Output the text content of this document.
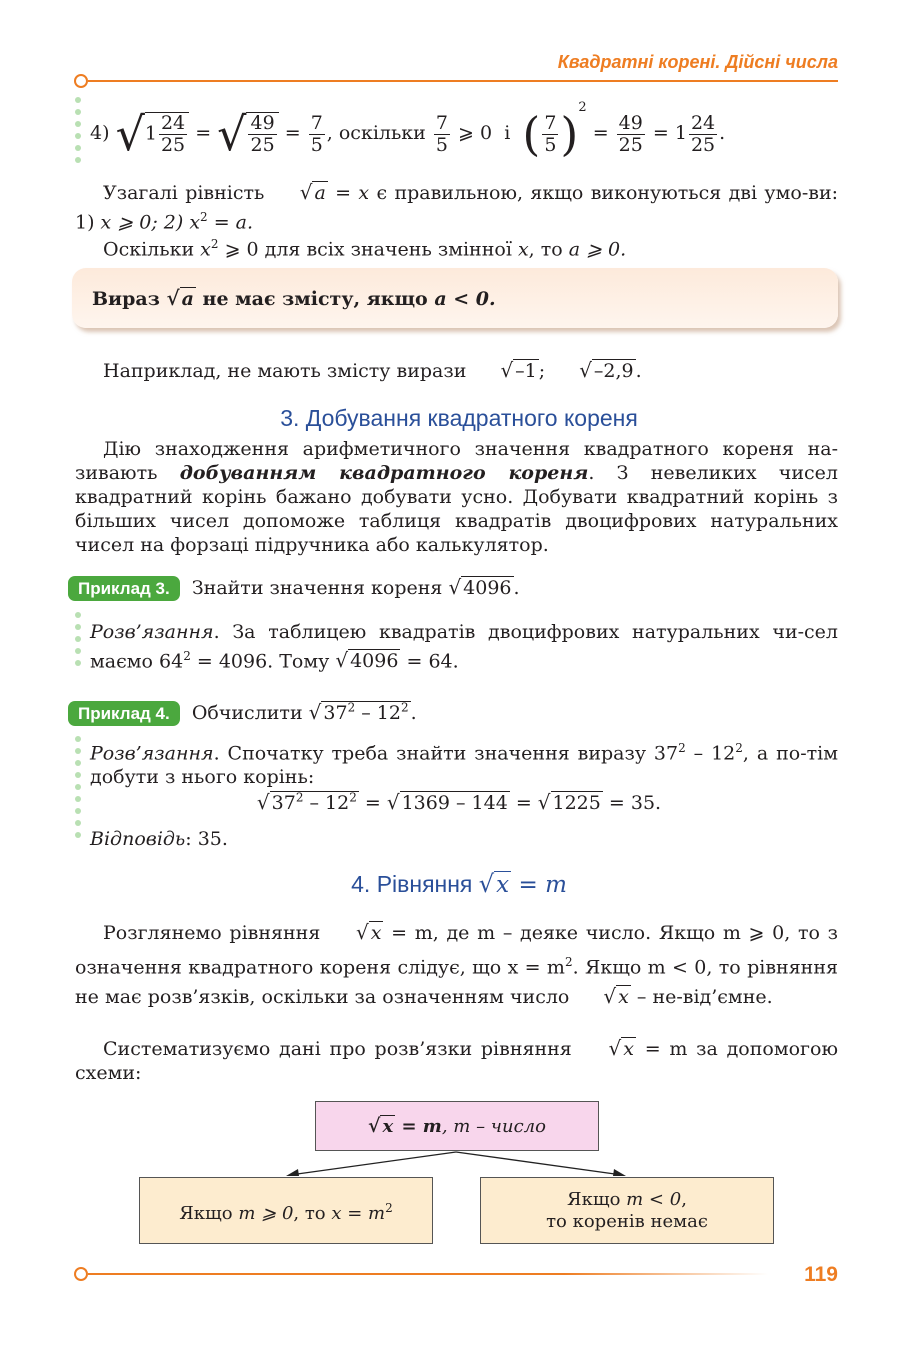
Квадратні корені. Дійсні числа
4) $√1 \frac{24}{25}$ = √ $\frac{49}{25} = \frac{7}{5}$ , оскільки $\frac{7}{5}$ ⩾ 0 і ( $\frac{7}{5} )^2 = \frac{49}{25} = 1 \frac{24}{25}$ .
Узагалі рівність √ a = x є правильною, якщо виконуються дві умо-ви: 1) x ⩾ 0; 2) $x^2 = a$.
Оскільки $x^2$ ⩾ 0 для всіх значень змінної x, то a ⩾ 0.
Вираз √ a не має змісту, якщо a < 0.
Наприклад, не мають змісту вирази √ –1 ; √ –2,9 .
3. Добування квадратного кореня
Дію знаходження арифметичного значення квадратного кореня на-зивають добуванням квадратного кореня. З невеликих чисел квадратний корінь бажано добувати усно. Добувати квадратний корінь з більших чисел допоможе таблиця квадратів двоцифрових натуральних чисел на форзаці підручника або калькулятор.
Приклад 3. Знайти значення кореня √ 4096 .
Розв’язання. За таблицею квадратів двоцифрових натуральних чи-сел маємо $64^2 = 4096$. Тому √ 4096 = 64.
Приклад 4. Обчислити √ $37^2 - 12^2$ .
Розв’язання. Спочатку треба знайти значення виразу $37^2 - 12^2$, а по-тім добути з нього корінь:
√ $37^2 - 12^2$ = √ 1369 – 144 = √ 1225 = 35.
Відповідь: 35.
4. Рівняння √x = m
Розглянемо рівняння √ x = m, де m – деяке число. Якщо m ⩾ 0, то з означення квадратного кореня слідує, що $x = m^2$. Якщо m < 0, то рівняння не має розв’язків, оскільки за означенням число √ x – не-від’ємне.
Систематизуємо дані про розв’язки рівняння √ x = m за допомогою схеми:
√ x = m, m – число
Якщо m ⩾ 0, то $x = m^2$	Якщо m < 0,
то коренів немає
119
